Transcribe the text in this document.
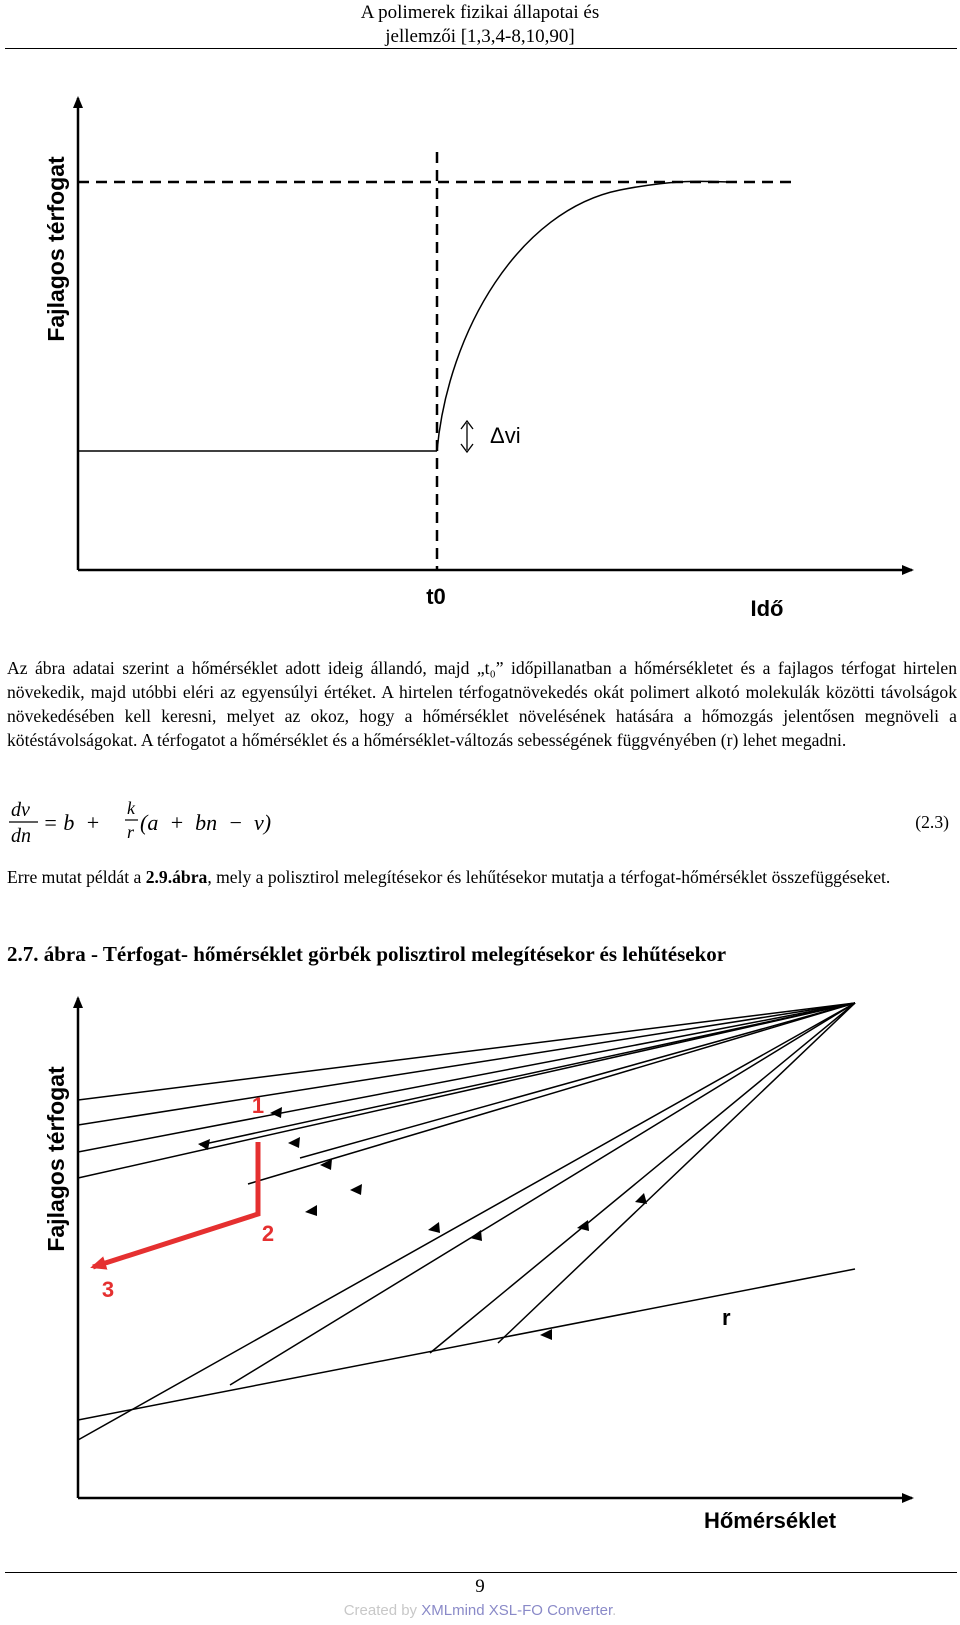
A polimerek fizikai állapotai és
jellemzői [1,3,4-8,10,90]
Fajlagos térfogat
Δvi
t0	Idő
Az ábra adatai szerint a hőmérséklet adott ideig állandó, majd „t₀” időpillanatban a hőmérsékletet és a fajlagos térfogat hirtelen növekedik, majd utóbbi eléri az egyensúlyi értéket. A hirtelen térfogatnövekedés okát polimert alkotó molekulák közötti távolságok növekedésében kell keresni, melyet az okoz, hogy a hőmérséklet növelésének hatására a hőmozgás jelentősen megnöveli a kötéstávolságokat. A térfogatot a hőmérséklet és a hőmérséklet-változás sebességének függvényében (r) lehet megadni.
dv
dn
= b  +
k
r (a  +  bn  −  v)	(2.3)
Erre mutat példát a 2.9.ábra, mely a polisztirol melegítésekor és lehűtésekor mutatja a térfogat-hőmérséklet összefüggéseket.
2.7. ábra - Térfogat- hőmérséklet görbék polisztirol melegítésekor és lehűtésekor
Fajlagos térfogat
Hőmérséklet
r
1
2
3
9
Created by XMLmind XSL-FO Converter.
